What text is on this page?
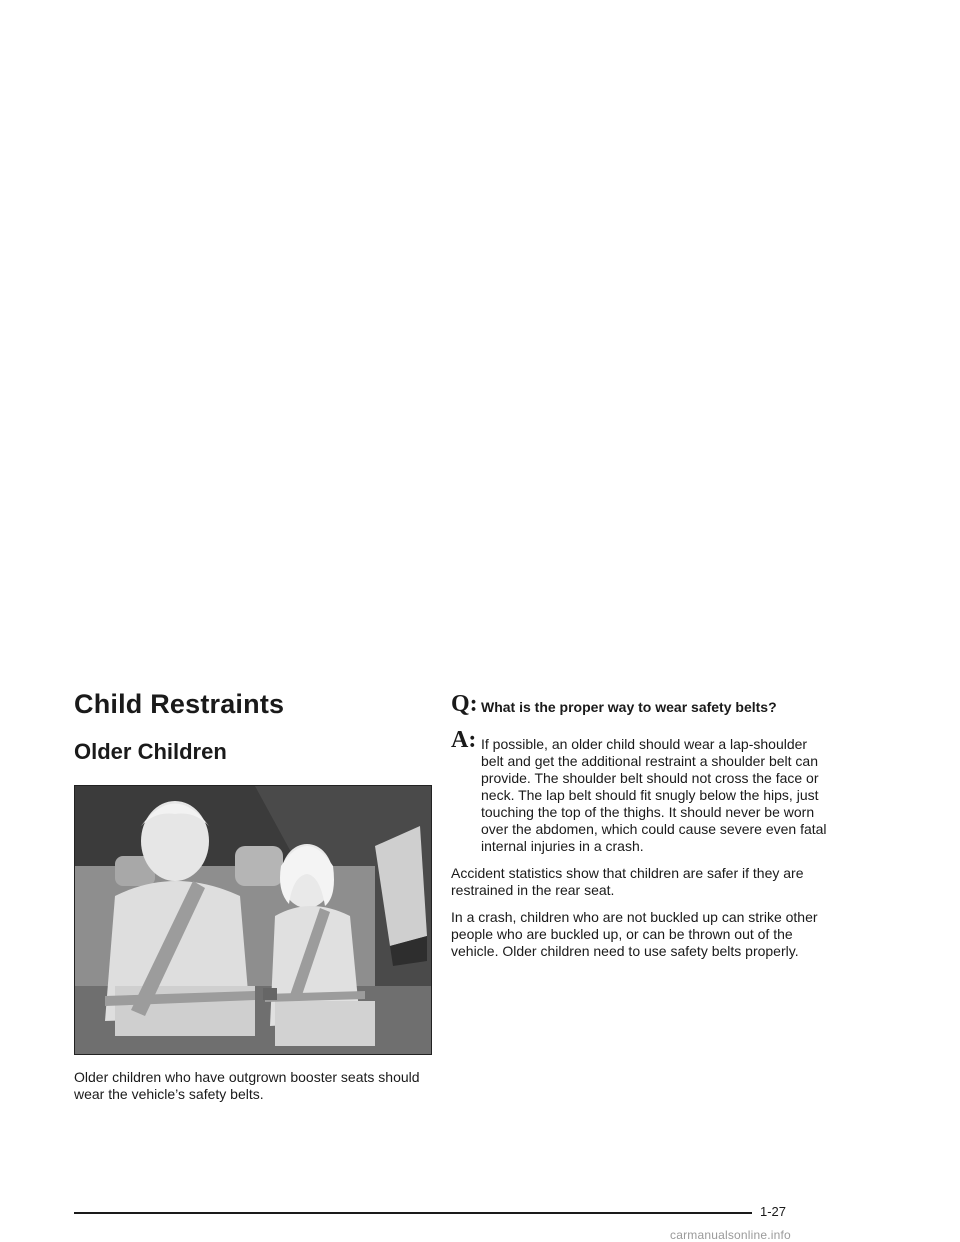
Child Restraints
Older Children

Older children who have outgrown booster seats should wear the vehicle’s safety belts.

Q: What is the proper way to wear safety belts?
A: If possible, an older child should wear a lap-shoulder belt and get the additional restraint a shoulder belt can provide. The shoulder belt should not cross the face or neck. The lap belt should fit snugly below the hips, just touching the top of the thighs. It should never be worn over the abdomen, which could cause severe even fatal internal injuries in a crash.

Accident statistics show that children are safer if they are restrained in the rear seat.

In a crash, children who are not buckled up can strike other people who are buckled up, or can be thrown out of the vehicle. Older children need to use safety belts properly.

1-27
carmanualsonline.info
